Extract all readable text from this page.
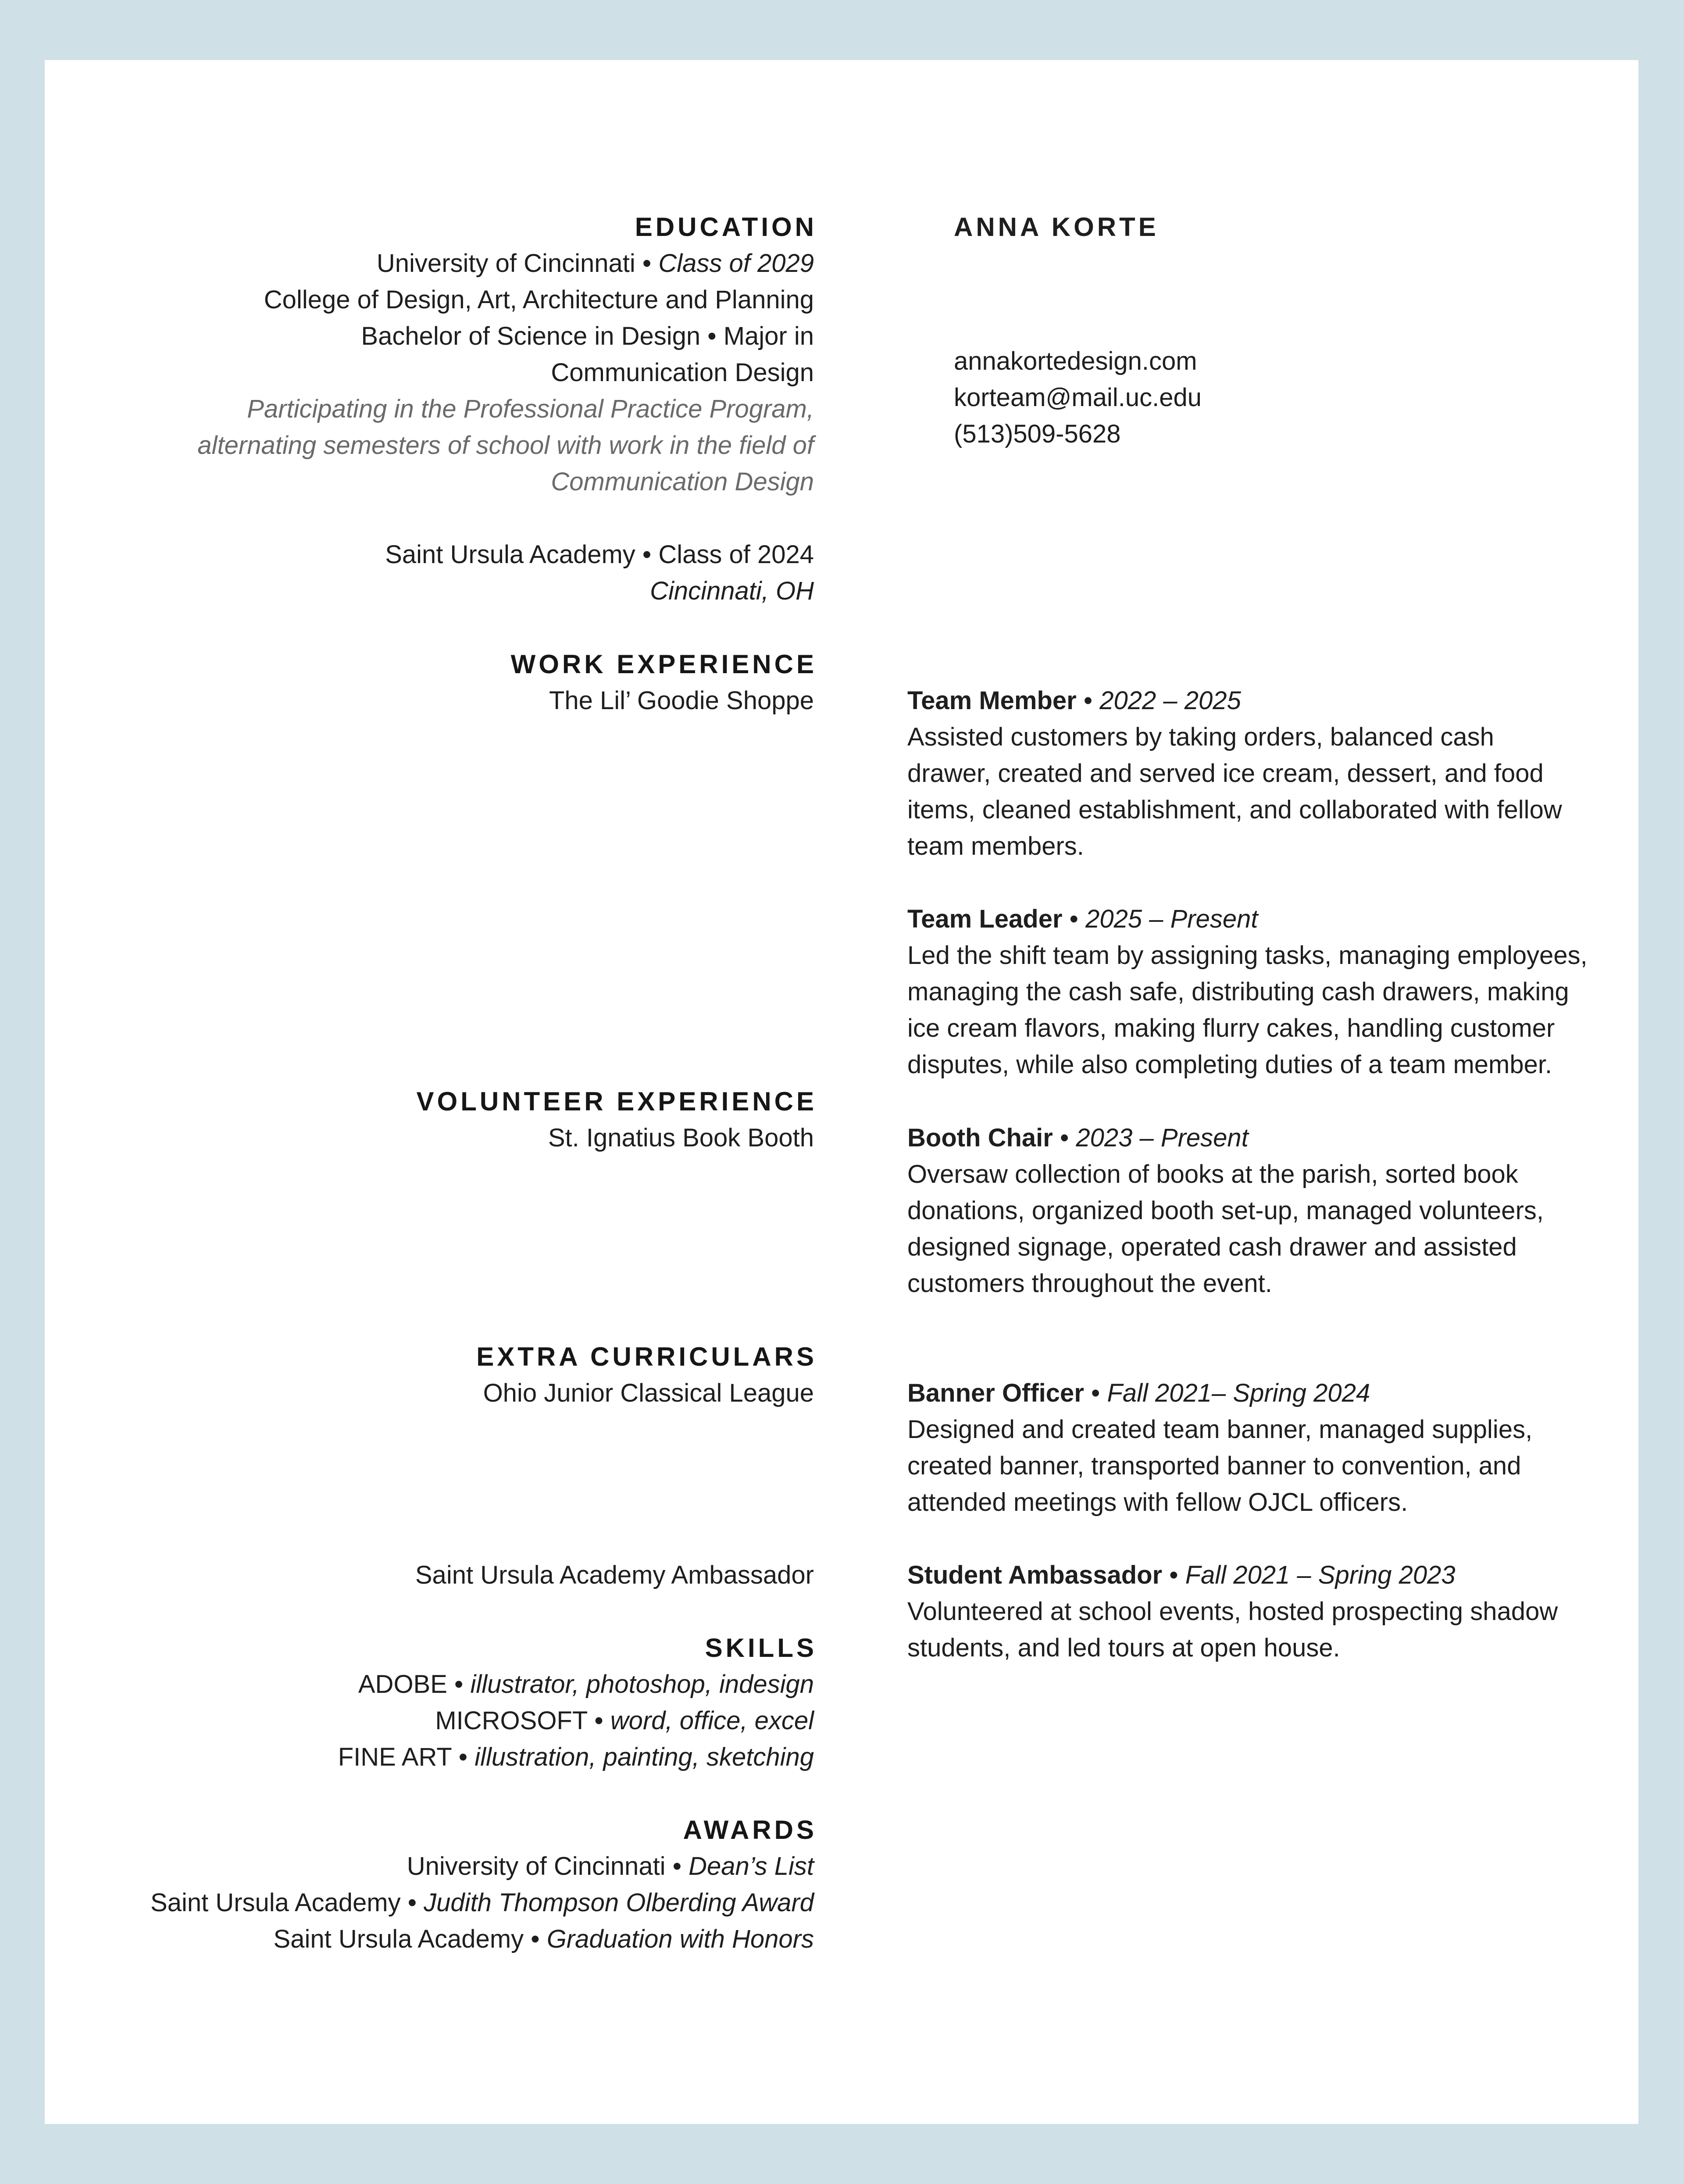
EDUCATION
University of Cincinnati • Class of 2029
College of Design, Art, Architecture and Planning
Bachelor of Science in Design • Major in
Communication Design
Participating in the Professional Practice Program,
alternating semesters of school with work in the field of
Communication Design
Saint Ursula Academy • Class of 2024
Cincinnati, OH
ANNA KORTE
annakortedesign.com
korteam@mail.uc.edu
(513)509-5628
WORK EXPERIENCE
The Lil’ Goodie Shoppe	Team Member • 2022 – 2025
Assisted customers by taking orders, balanced cash
drawer, created and served ice cream, dessert, and food
items, cleaned establishment, and collaborated with fellow
team members.
Team Leader • 2025 – Present
Led the shift team by assigning tasks, managing employees,
managing the cash safe, distributing cash drawers, making
ice cream flavors, making flurry cakes, handling customer
disputes, while also completing duties of a team member.
VOLUNTEER EXPERIENCE
St. Ignatius Book Booth	Booth Chair • 2023 – Present
Oversaw collection of books at the parish, sorted book
donations, organized booth set-up, managed volunteers,
designed signage, operated cash drawer and assisted
customers throughout the event.
EXTRA CURRICULARS
Ohio Junior Classical League	Banner Officer • Fall 2021– Spring 2024
Designed and created team banner, managed supplies,
created banner, transported banner to convention, and
attended meetings with fellow OJCL officers.
Saint Ursula Academy Ambassador	Student Ambassador • Fall 2021 – Spring 2023
Volunteered at school events, hosted prospecting shadow
students, and led tours at open house.
SKILLS
ADOBE • illustrator, photoshop, indesign
MICROSOFT • word, office, excel
FINE ART • illustration, painting, sketching
AWARDS
University of Cincinnati • Dean’s List
Saint Ursula Academy • Judith Thompson Olberding Award
Saint Ursula Academy • Graduation with Honors
